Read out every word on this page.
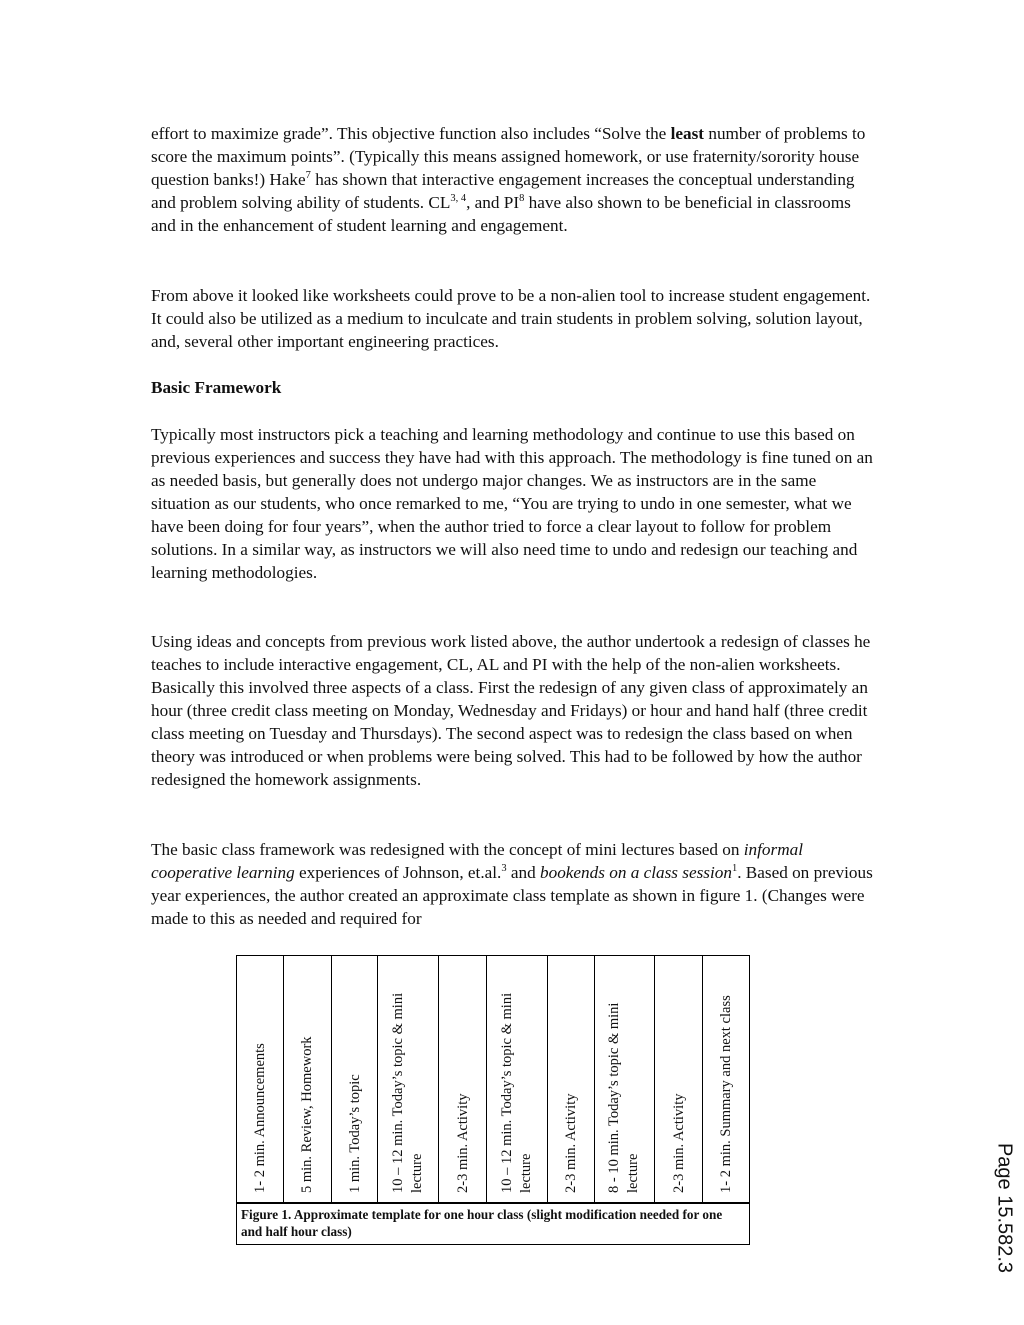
effort to maximize grade”. This objective function also includes “Solve the least number of problems to score the maximum points”. (Typically this means assigned homework, or use fraternity/sorority house question banks!) Hake$^7$ has shown that interactive engagement increases the conceptual understanding and problem solving ability of students. CL$^{3, 4}$, and $PI^8$ have also shown to be beneficial in classrooms and in the enhancement of student learning and engagement.
From above it looked like worksheets could prove to be a non-alien tool to increase student engagement. It could also be utilized as a medium to inculcate and train students in problem solving, solution layout, and, several other important engineering practices.
Basic Framework
Typically most instructors pick a teaching and learning methodology and continue to use this based on previous experiences and success they have had with this approach. The methodology is fine tuned on an as needed basis, but generally does not undergo major changes. We as instructors are in the same situation as our students, who once remarked to me, “You are trying to undo in one semester, what we have been doing for four years”, when the author tried to force a clear layout to follow for problem solutions. In a similar way, as instructors we will also need time to undo and redesign our teaching and learning methodologies.
Using ideas and concepts from previous work listed above, the author undertook a redesign of classes he teaches to include interactive engagement, CL, AL and PI with the help of the non-alien worksheets. Basically this involved three aspects of a class. First the redesign of any given class of approximately an hour (three credit class meeting on Monday, Wednesday and Fridays) or hour and hand half (three credit class meeting on Tuesday and Thursdays). The second aspect was to redesign the class based on when theory was introduced or when problems were being solved. This had to be followed by how the author redesigned the homework assignments.
The basic class framework was redesigned with the concept of mini lectures based on informal cooperative learning experiences of Johnson, et.al.$^3$ and bookends on a class session$^1$. Based on previous year experiences, the author created an approximate class template as shown in figure 1. (Changes were made to this as needed and required for
1- 2 min. Announcements 5 min. Review, Homework 1 min. Today’s topic 10 – 12 min. Today’s topic & mini lecture 2-3 min. Activity 10 – 12 min. Today’s topic & mini lecture 2-3 min. Activity 8 - 10 min. Today’s topic & mini lecture 2-3 min. Activity 1- 2 min. Summary and next class
Figure 1. Approximate template for one hour class (slight modification needed for one and half hour class)	Page 15.582.3
